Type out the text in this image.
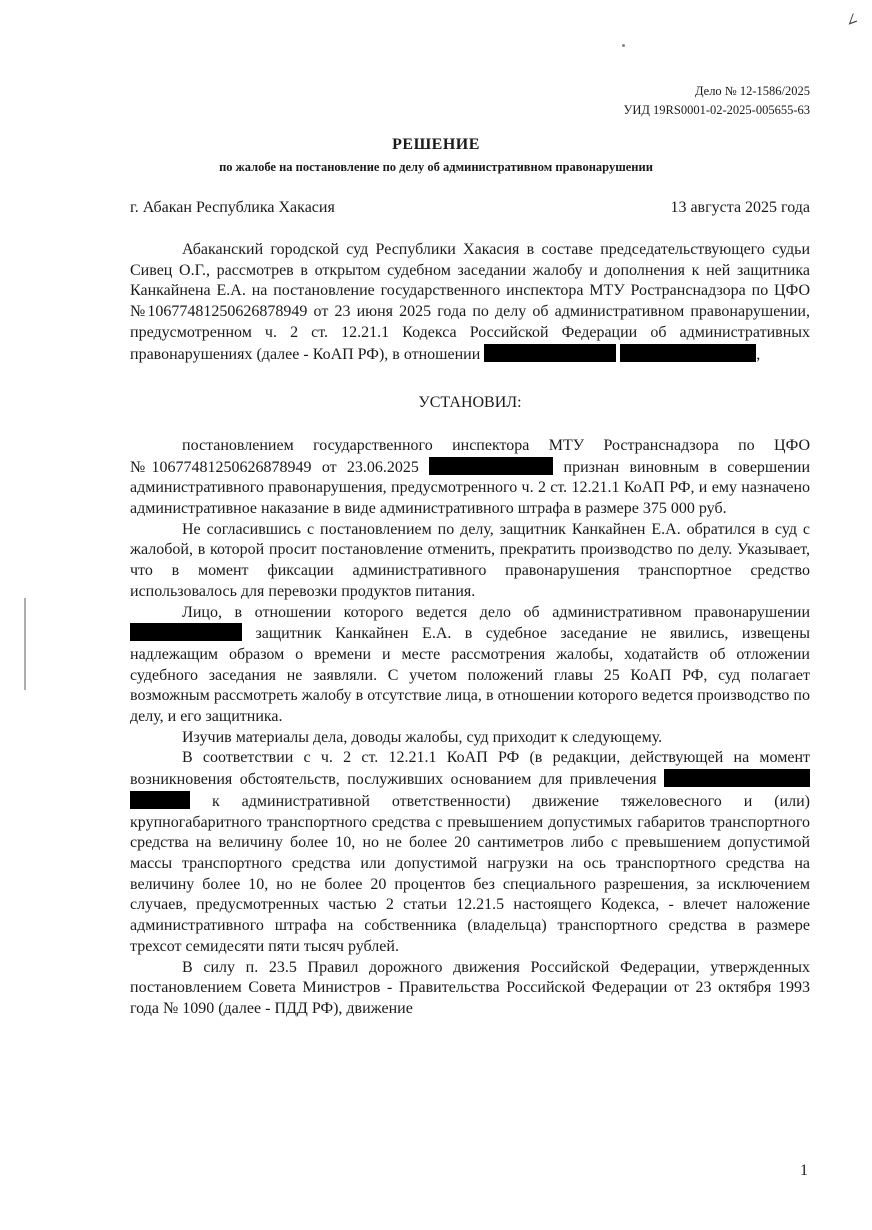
∠
Дело № 12-1586/2025
УИД 19RS0001-02-2025-005655-63
РЕШЕНИЕ
по жалобе на постановление по делу об административном правонарушении
г. Абакан Республика Хакасия	13 августа 2025 года

Абаканский городской суд Республики Хакасия в составе председательствующего судьи Сивец О.Г., рассмотрев в открытом судебном заседании жалобу и дополнения к ней защитника Канкайнена Е.А. на постановление государственного инспектора МТУ Ространснадзора по ЦФО №10677481250626878949 от 23 июня 2025 года по делу об административном правонарушении, предусмотренном ч. 2 ст. 12.21.1 Кодекса Российской Федерации об административных правонарушениях (далее - КоАП РФ), в отношении	,

УСТАНОВИЛ:

постановлением государственного инспектора МТУ Ространснадзора по ЦФО №10677481250626878949 от 23.06.2025	признан виновным в совершении административного правонарушения, предусмотренного ч. 2 ст. 12.21.1 КоАП РФ, и ему назначено административное наказание в виде административного штрафа в размере 375 000 руб.

Не согласившись с постановлением по делу, защитник Канкайнен Е.А. обратился в суд с жалобой, в которой просит постановление отменить, прекратить производство по делу. Указывает, что в момент фиксации административного правонарушения транспортное средство использовалось для перевозки продуктов питания.

Лицо, в отношении которого ведется дело об административном правонарушении  защитник Канкайнен Е.А. в судебное заседание не явились, извещены надлежащим образом о времени и месте рассмотрения жалобы, ходатайств об отложении судебного заседания не заявляли. С учетом положений главы 25 КоАП РФ, суд полагает возможным рассмотреть жалобу в отсутствие лица, в отношении которого ведется производство по делу, и его защитника.

Изучив материалы дела, доводы жалобы, суд приходит к следующему.

В соответствии с ч. 2 ст. 12.21.1 КоАП РФ (в редакции, действующей на момент возникновения обстоятельств, послуживших основанием для привлечения   к административной ответственности) движение тяжеловесного и (или) крупногабаритного транспортного средства с превышением допустимых габаритов транспортного средства на величину более 10, но не более 20 сантиметров либо с превышением допустимой массы транспортного средства или допустимой нагрузки на ось транспортного средства на величину более 10, но не более 20 процентов без специального разрешения, за исключением случаев, предусмотренных частью 2 статьи 12.21.5 настоящего Кодекса, - влечет наложение административного штрафа на собственника (владельца) транспортного средства в размере трехсот семидесяти пяти тысяч рублей.

В силу п. 23.5 Правил дорожного движения Российской Федерации, утвержденных постановлением Совета Министров - Правительства Российской Федерации от 23 октября 1993 года № 1090 (далее - ПДД РФ), движение

1
